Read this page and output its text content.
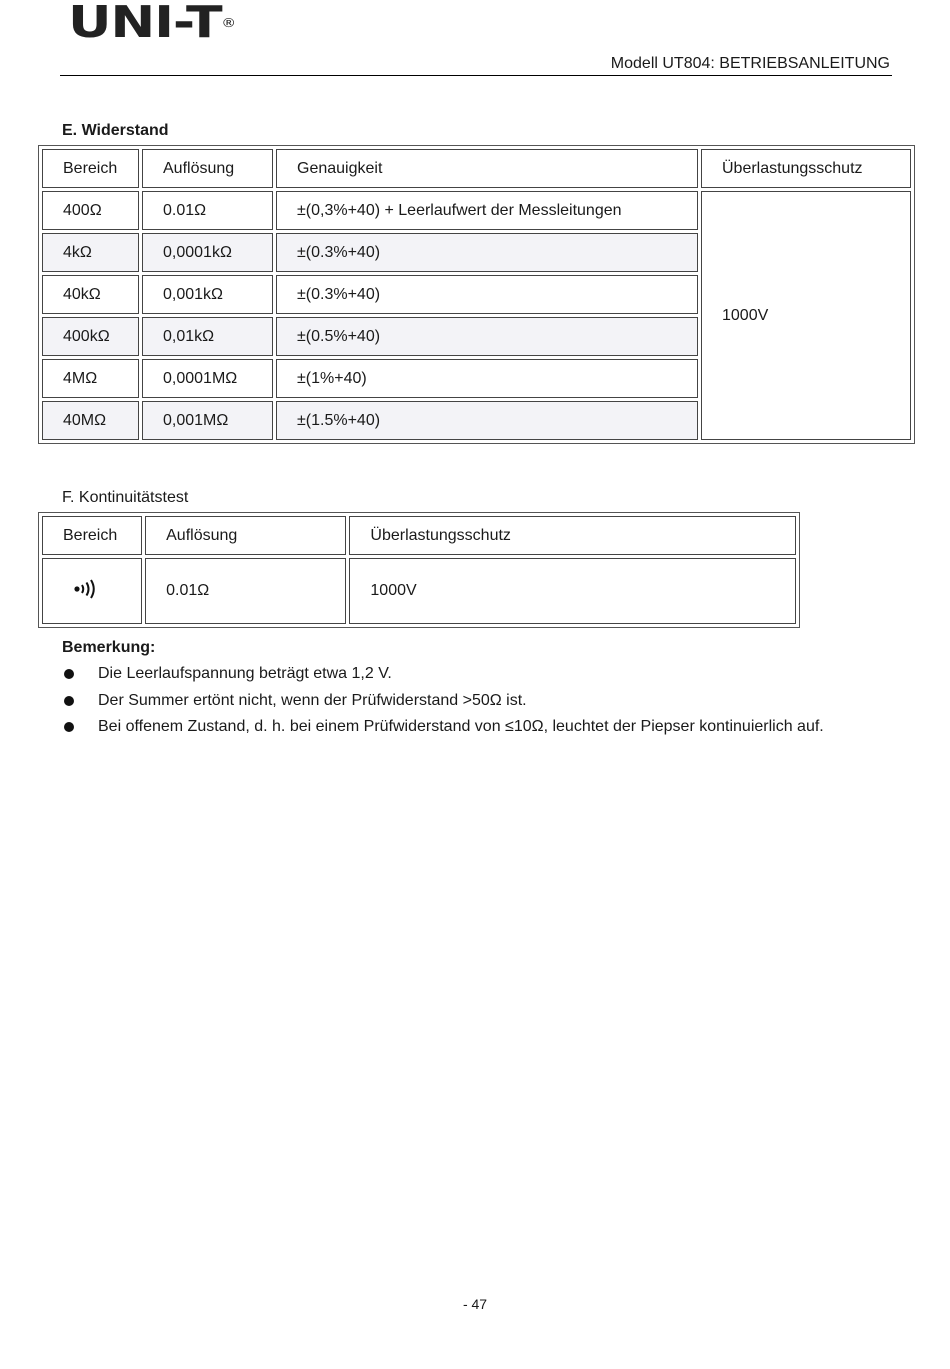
UNI-T®
Modell UT804: BETRIEBSANLEITUNG
E. Widerstand
Bereich	Auflösung	Genauigkeit	Überlastungsschutz
400Ω	0.01Ω	±(0,3%+40) + Leerlaufwert der Messleitungen	1000V
4kΩ	0,0001kΩ	±(0.3%+40)	
40kΩ	0,001kΩ	±(0.3%+40)	
400kΩ	0,01kΩ	±(0.5%+40)	
4MΩ	0,0001MΩ	±(1%+40)	
40MΩ	0,001MΩ	±(1.5%+40)	
F. Kontinuitätstest
Bereich	Auflösung	Überlastungsschutz
	0.01Ω	1000V
Bemerkung:
Die Leerlaufspannung beträgt etwa 1,2 V.
Der Summer ertönt nicht, wenn der Prüfwiderstand >50Ω ist.
Bei offenem Zustand, d. h. bei einem Prüfwiderstand von ≤10Ω, leuchtet der Piepser kontinuierlich auf.
- 47
